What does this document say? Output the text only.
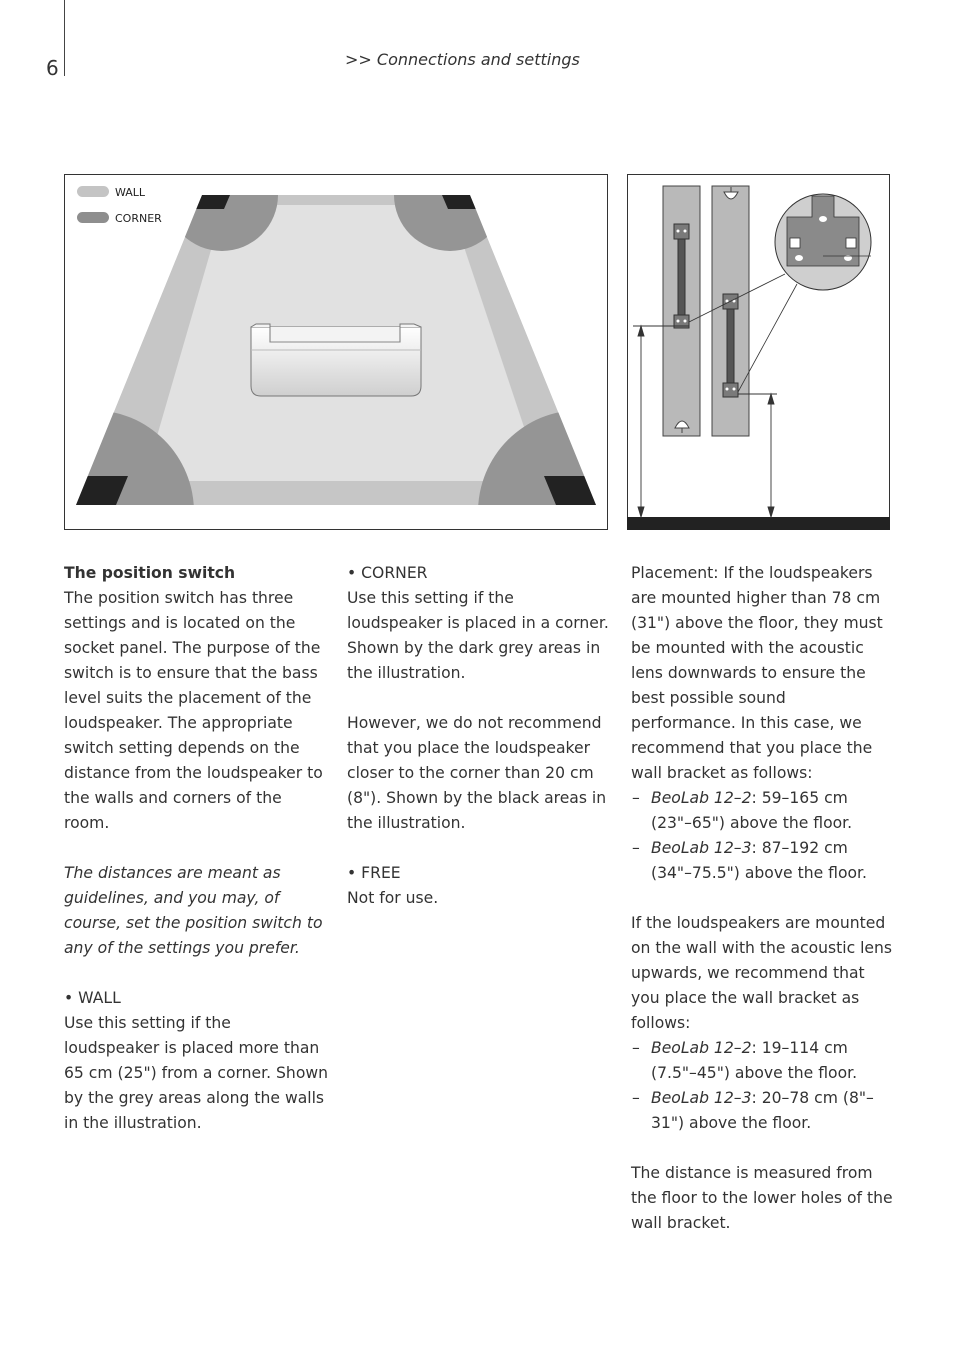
6	>> Connections and settings
WALL
CORNER

The position switch

The position switch has three settings and is located on the socket panel. The purpose of the switch is to ensure that the bass level suits the placement of the loudspeaker. The appropriate switch setting depends on the distance from the loudspeaker to the walls and corners of the room.

The distances are meant as guidelines, and you may, of course, set the position switch to any of the settings you prefer.

• WALL

Use this setting if the loudspeaker is placed more than 65 cm (25") from a corner. Shown by the grey areas along the walls in the illustration.

• CORNER

Use this setting if the loudspeaker is placed in a corner. Shown by the dark grey areas in the illustration.

However, we do not recommend that you place the loudspeaker closer to the corner than 20 cm (8"). Shown by the black areas in the illustration.

• FREE

Not for use.

Placement: If the loudspeakers are mounted higher than 78 cm (31") above the floor, they must be mounted with the acoustic lens downwards to ensure the best possible sound performance. In this case, we recommend that you place the wall bracket as follows:

– BeoLab 12–2: 59–165 cm (23"–65") above the floor.
– BeoLab 12–3: 87–192 cm (34"–75.5") above the floor.

If the loudspeakers are mounted on the wall with the acoustic lens upwards, we recommend that you place the wall bracket as follows:

– BeoLab 12–2: 19–114 cm (7.5"–45") above the floor.
– BeoLab 12–3: 20–78 cm (8"–31") above the floor.

The distance is measured from the floor to the lower holes of the wall bracket.
